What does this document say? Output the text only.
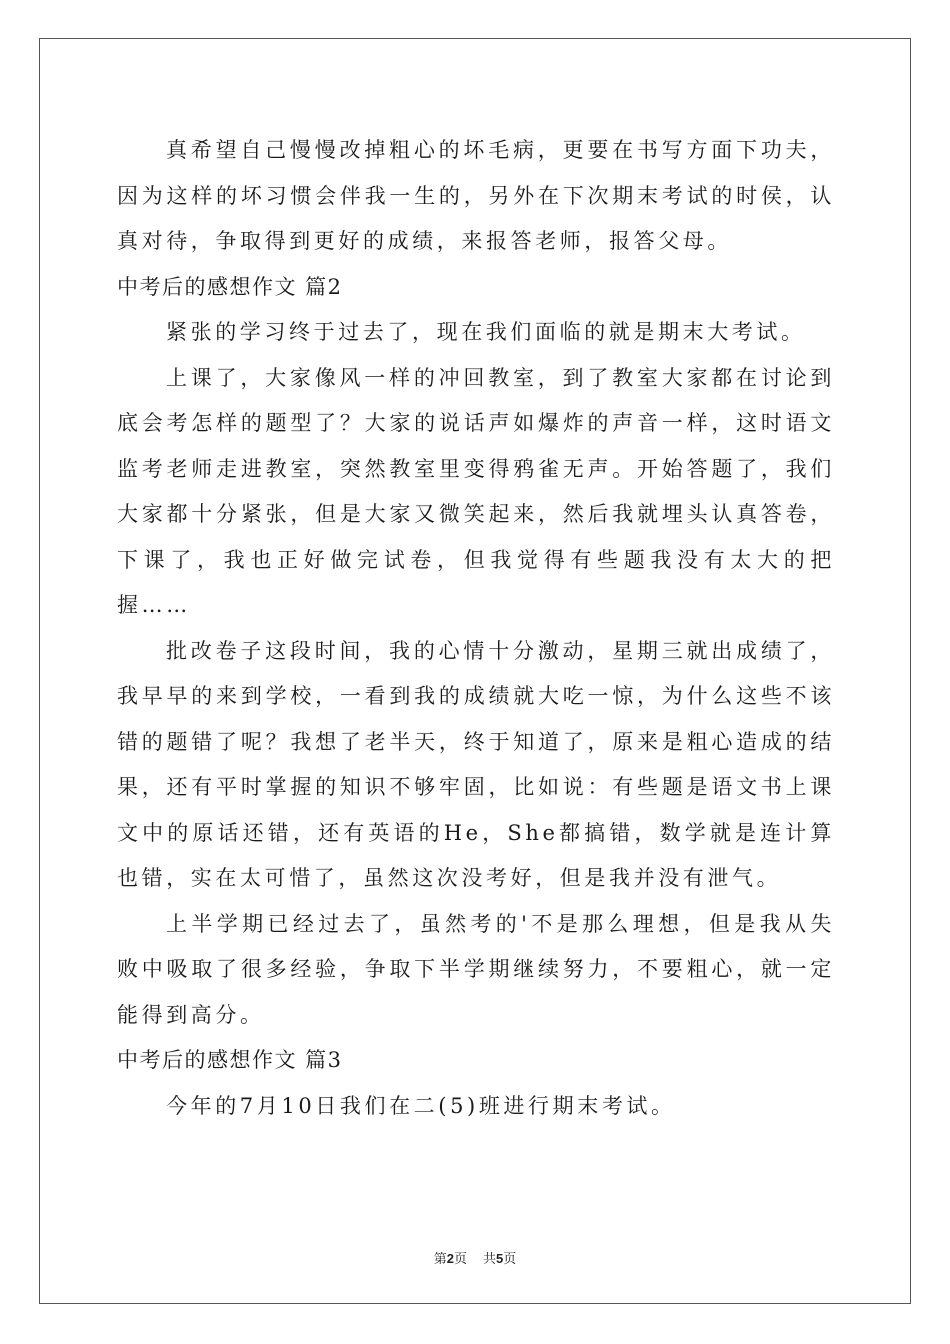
真希望自己慢慢改掉粗心的坏毛病，更要在书写方面下功夫，因为这样的坏习惯会伴我一生的，另外在下次期末考试的时侯，认真对待，争取得到更好的成绩，来报答老师，报答父母。

中考后的感想作文 篇2

紧张的学习终于过去了，现在我们面临的就是期末大考试。

上课了，大家像风一样的冲回教室，到了教室大家都在讨论到底会考怎样的题型了？大家的说话声如爆炸的声音一样，这时语文监考老师走进教室，突然教室里变得鸦雀无声。开始答题了，我们大家都十分紧张，但是大家又微笑起来，然后我就埋头认真答卷，下课了，我也正好做完试卷，但我觉得有些题我没有太大的把握……

批改卷子这段时间，我的心情十分激动，星期三就出成绩了，我早早的来到学校，一看到我的成绩就大吃一惊，为什么这些不该错的题错了呢？我想了老半天，终于知道了，原来是粗心造成的结果，还有平时掌握的知识不够牢固，比如说：有些题是语文书上课文中的原话还错，还有英语的He，She都搞错，数学就是连计算也错，实在太可惜了，虽然这次没考好，但是我并没有泄气。

上半学期已经过去了，虽然考的'不是那么理想，但是我从失败中吸取了很多经验，争取下半学期继续努力，不要粗心，就一定能得到高分。

中考后的感想作文 篇3

今年的7月10日我们在二(5)班进行期末考试。

第2页 共5页
